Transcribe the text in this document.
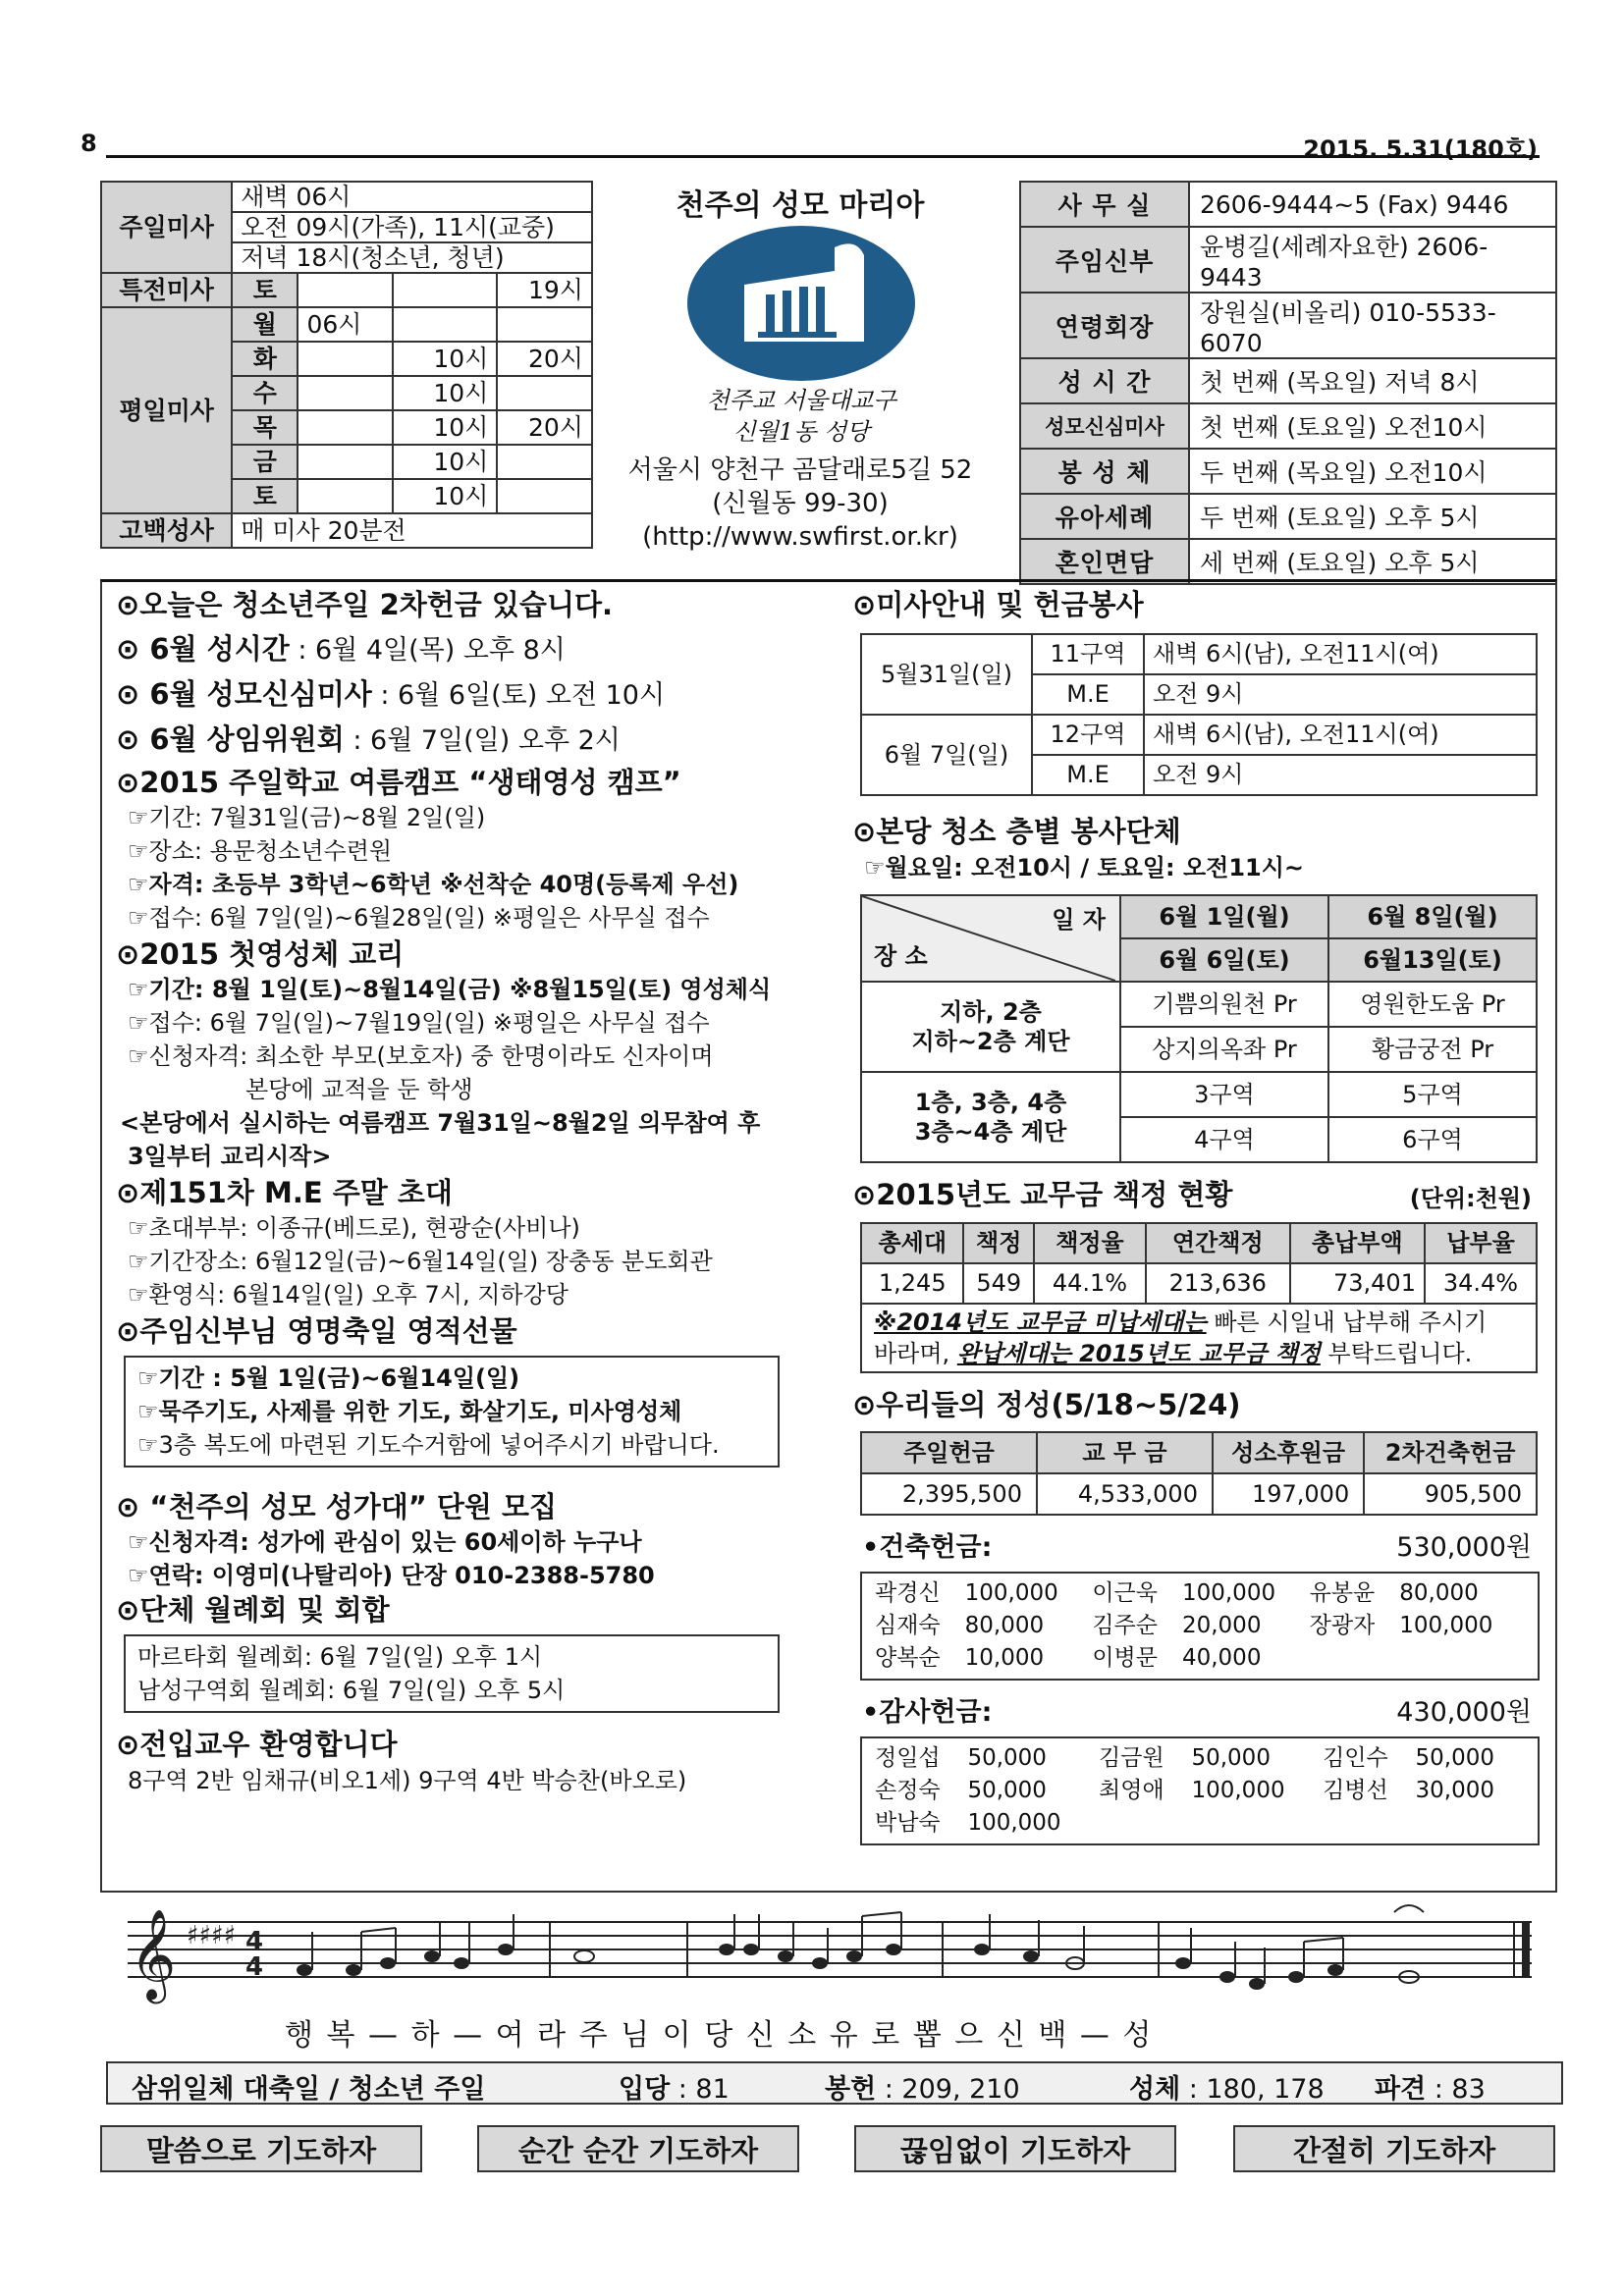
8	2015. 5.31(180호)
주일미사	새벽 06시			
	오전 09시(가족), 11시(교중)			
	저녁 18시(청소년, 청년)			
특전미사	토			19시
평일미사	월	06시		
	화		10시	20시
	수		10시	
	목		10시	20시
	금		10시	
	토		10시	
고백성사	매 미사 20분전			
천주의 성모 마리아
천주교 서울대교구
신월1동 성당
서울시 양천구 곰달래로5길 52
(신월동 99-30)
(http://www.swfirst.or.kr)
사 무 실	2606-9444~5 (Fax) 9446
주임신부	윤병길(세례자요한) 2606-9443
연령회장	장원실(비올리) 010-5533-6070
성 시 간	첫 번째 (목요일) 저녁 8시
성모신심미사	첫 번째 (토요일) 오전10시
봉 성 체	두 번째 (목요일) 오전10시
유아세례	두 번째 (토요일) 오후 5시
혼인면담	세 번째 (토요일) 오후 5시
⊙오늘은 청소년주일 2차헌금 있습니다.
⊙ 6월 성시간 : 6월 4일(목) 오후 8시
⊙ 6월 성모신심미사 : 6월 6일(토) 오전 10시
⊙ 6월 상임위원회 : 6월 7일(일) 오후 2시
⊙2015 주일학교 여름캠프 “생태영성 캠프”
☞기간: 7월31일(금)~8월 2일(일)
☞장소: 용문청소년수련원
☞자격: 초등부 3학년~6학년 ※선착순 40명(등록제 우선)
☞접수: 6월 7일(일)~6월28일(일) ※평일은 사무실 접수
⊙2015 첫영성체 교리
☞기간: 8월 1일(토)~8월14일(금) ※8월15일(토) 영성체식
☞접수: 6월 7일(일)~7월19일(일) ※평일은 사무실 접수
☞신청자격: 최소한 부모(보호자) 중 한명이라도 신자이며
본당에 교적을 둔 학생
<본당에서 실시하는 여름캠프 7월31일~8월2일 의무참여 후
3일부터 교리시작>
⊙제151차 M.E 주말 초대
☞초대부부: 이종규(베드로), 현광순(사비나)
☞기간장소: 6월12일(금)~6월14일(일) 장충동 분도회관
☞환영식: 6월14일(일) 오후 7시, 지하강당
⊙주임신부님 영명축일 영적선물
☞기간 : 5월 1일(금)~6월14일(일)
☞묵주기도, 사제를 위한 기도, 화살기도, 미사영성체
☞3층 복도에 마련된 기도수거함에 넣어주시기 바랍니다.
⊙ “천주의 성모 성가대” 단원 모집
☞신청자격: 성가에 관심이 있는 60세이하 누구나
☞연락: 이영미(나탈리아) 단장 010-2388-5780
⊙단체 월례회 및 회합
마르타회 월례회: 6월 7일(일) 오후 1시
남성구역회 월례회: 6월 7일(일) 오후 5시
⊙전입교우 환영합니다
8구역 2반 임채규(비오1세) 9구역 4반 박승찬(바오로)
⊙미사안내 및 헌금봉사
5월31일(일)	11구역	새벽 6시(남), 오전11시(여)
	M.E	오전 9시
6월 7일(일)	12구역	새벽 6시(남), 오전11시(여)
	M.E	오전 9시
⊙본당 청소 층별 봉사단체
☞월요일: 오전10시 / 토요일: 오전11시~
일 자
장 소	6월 1일(월)	6월 8일(월)
	6월 6일(토)	6월13일(토)

지하, 2층
지하~2층 계단	기쁨의원천 Pr	영원한도움 Pr
	상지의옥좌 Pr	황금궁전 Pr

1층, 3층, 4층
3층~4층 계단	3구역	5구역
	4구역	6구역
⊙2015년도 교무금 책정 현황	(단위:천원)
총세대	책정	책정율	연간책정	총납부액	납부율
1,245	549	44.1%	213,636	73,401	34.4%

※2014년도 교무금 미납세대는 빠른 시일내 납부해 주시기
바라며, 완납세대는 2015년도 교무금 책정 부탁드립니다.					
⊙우리들의 정성(5/18~5/24)
주일헌금	교 무 금	성소후원금	2차건축헌금
2,395,500	4,533,000	197,000	905,500
•건축헌금:	530,000원
곽경신	100,000	이근욱	100,000	유봉윤	80,000
심재숙	80,000	김주순	20,000	장광자	100,000
양복순	10,000	이병문	40,000		
•감사헌금:	430,000원
정일섭	50,000	김금원	50,000	김인수	50,000
손정숙	50,000	최영애	100,000	김병선	30,000
박남숙	100,000				
𝄞 ♯♯♯♯ 4
4
행 복 — 하 — 여 라 주 님 이 당 신 소 유 로 뽑 으 신 백 — 성
삼위일체 대축일 / 청소년 주일	입당 : 81	봉헌 : 209, 210	성체 : 180, 178 파견 : 83
말씀으로 기도하자	순간 순간 기도하자	끊임없이 기도하자	간절히 기도하자
